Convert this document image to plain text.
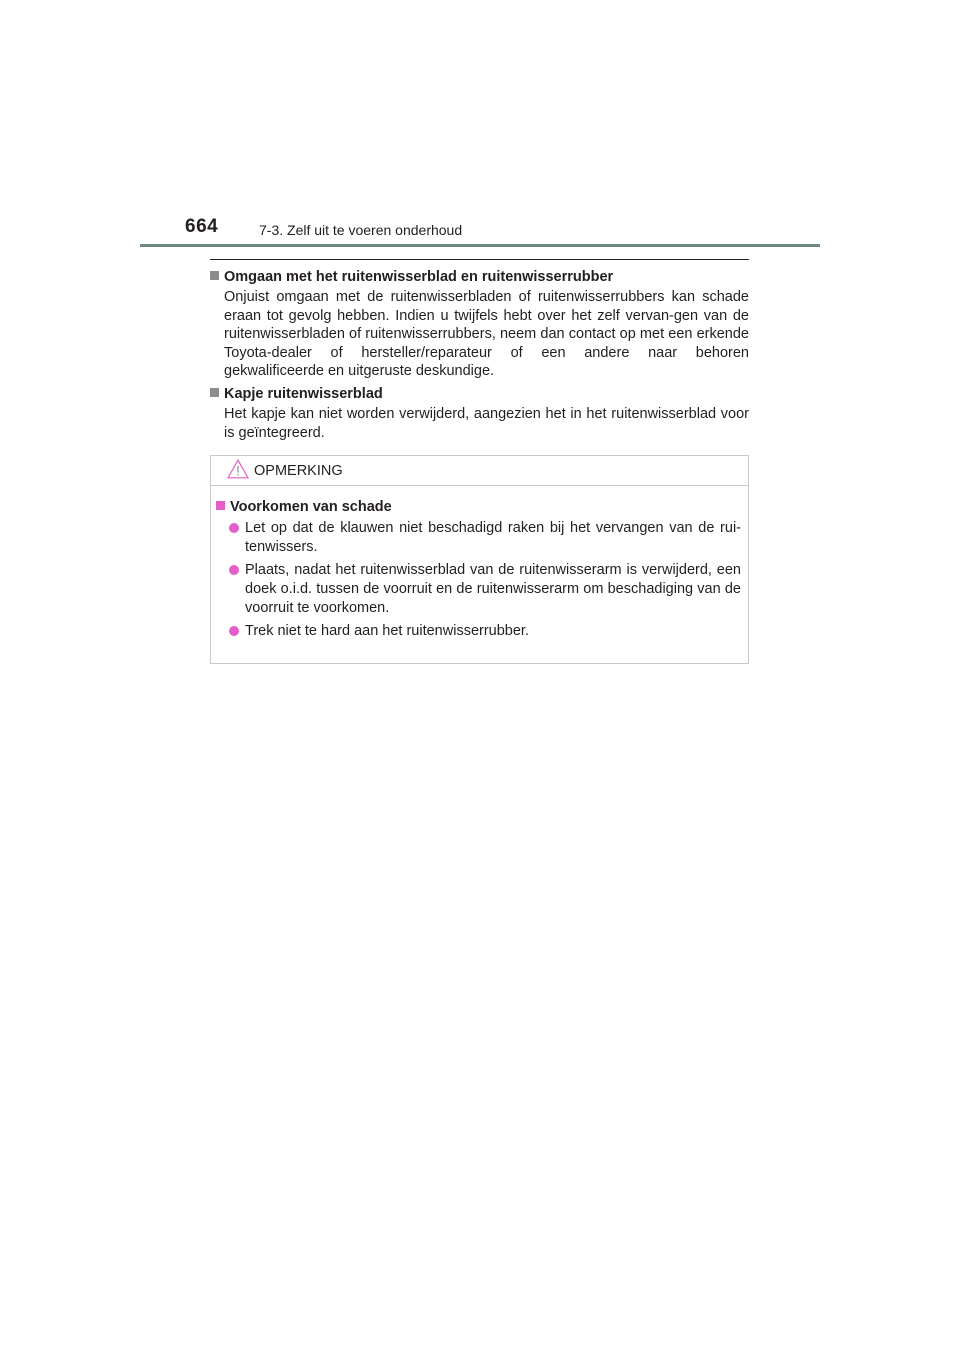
664	7-3. Zelf uit te voeren onderhoud
Omgaan met het ruitenwisserblad en ruitenwisserrubber
Onjuist omgaan met de ruitenwisserbladen of ruitenwisserrubbers kan schade eraan tot gevolg hebben. Indien u twijfels hebt over het zelf vervan-gen van de ruitenwisserbladen of ruitenwisserrubbers, neem dan contact op met een erkende Toyota-dealer of hersteller/reparateur of een andere naar behoren gekwalificeerde en uitgeruste deskundige.
Kapje ruitenwisserblad
Het kapje kan niet worden verwijderd, aangezien het in het ruitenwisserblad voor is geïntegreerd.
OPMERKING
Voorkomen van schade
Let op dat de klauwen niet beschadigd raken bij het vervangen van de rui-tenwissers.
Plaats, nadat het ruitenwisserblad van de ruitenwisserarm is verwijderd, een doek o.i.d. tussen de voorruit en de ruitenwisserarm om beschadiging van de voorruit te voorkomen.
Trek niet te hard aan het ruitenwisserrubber.
